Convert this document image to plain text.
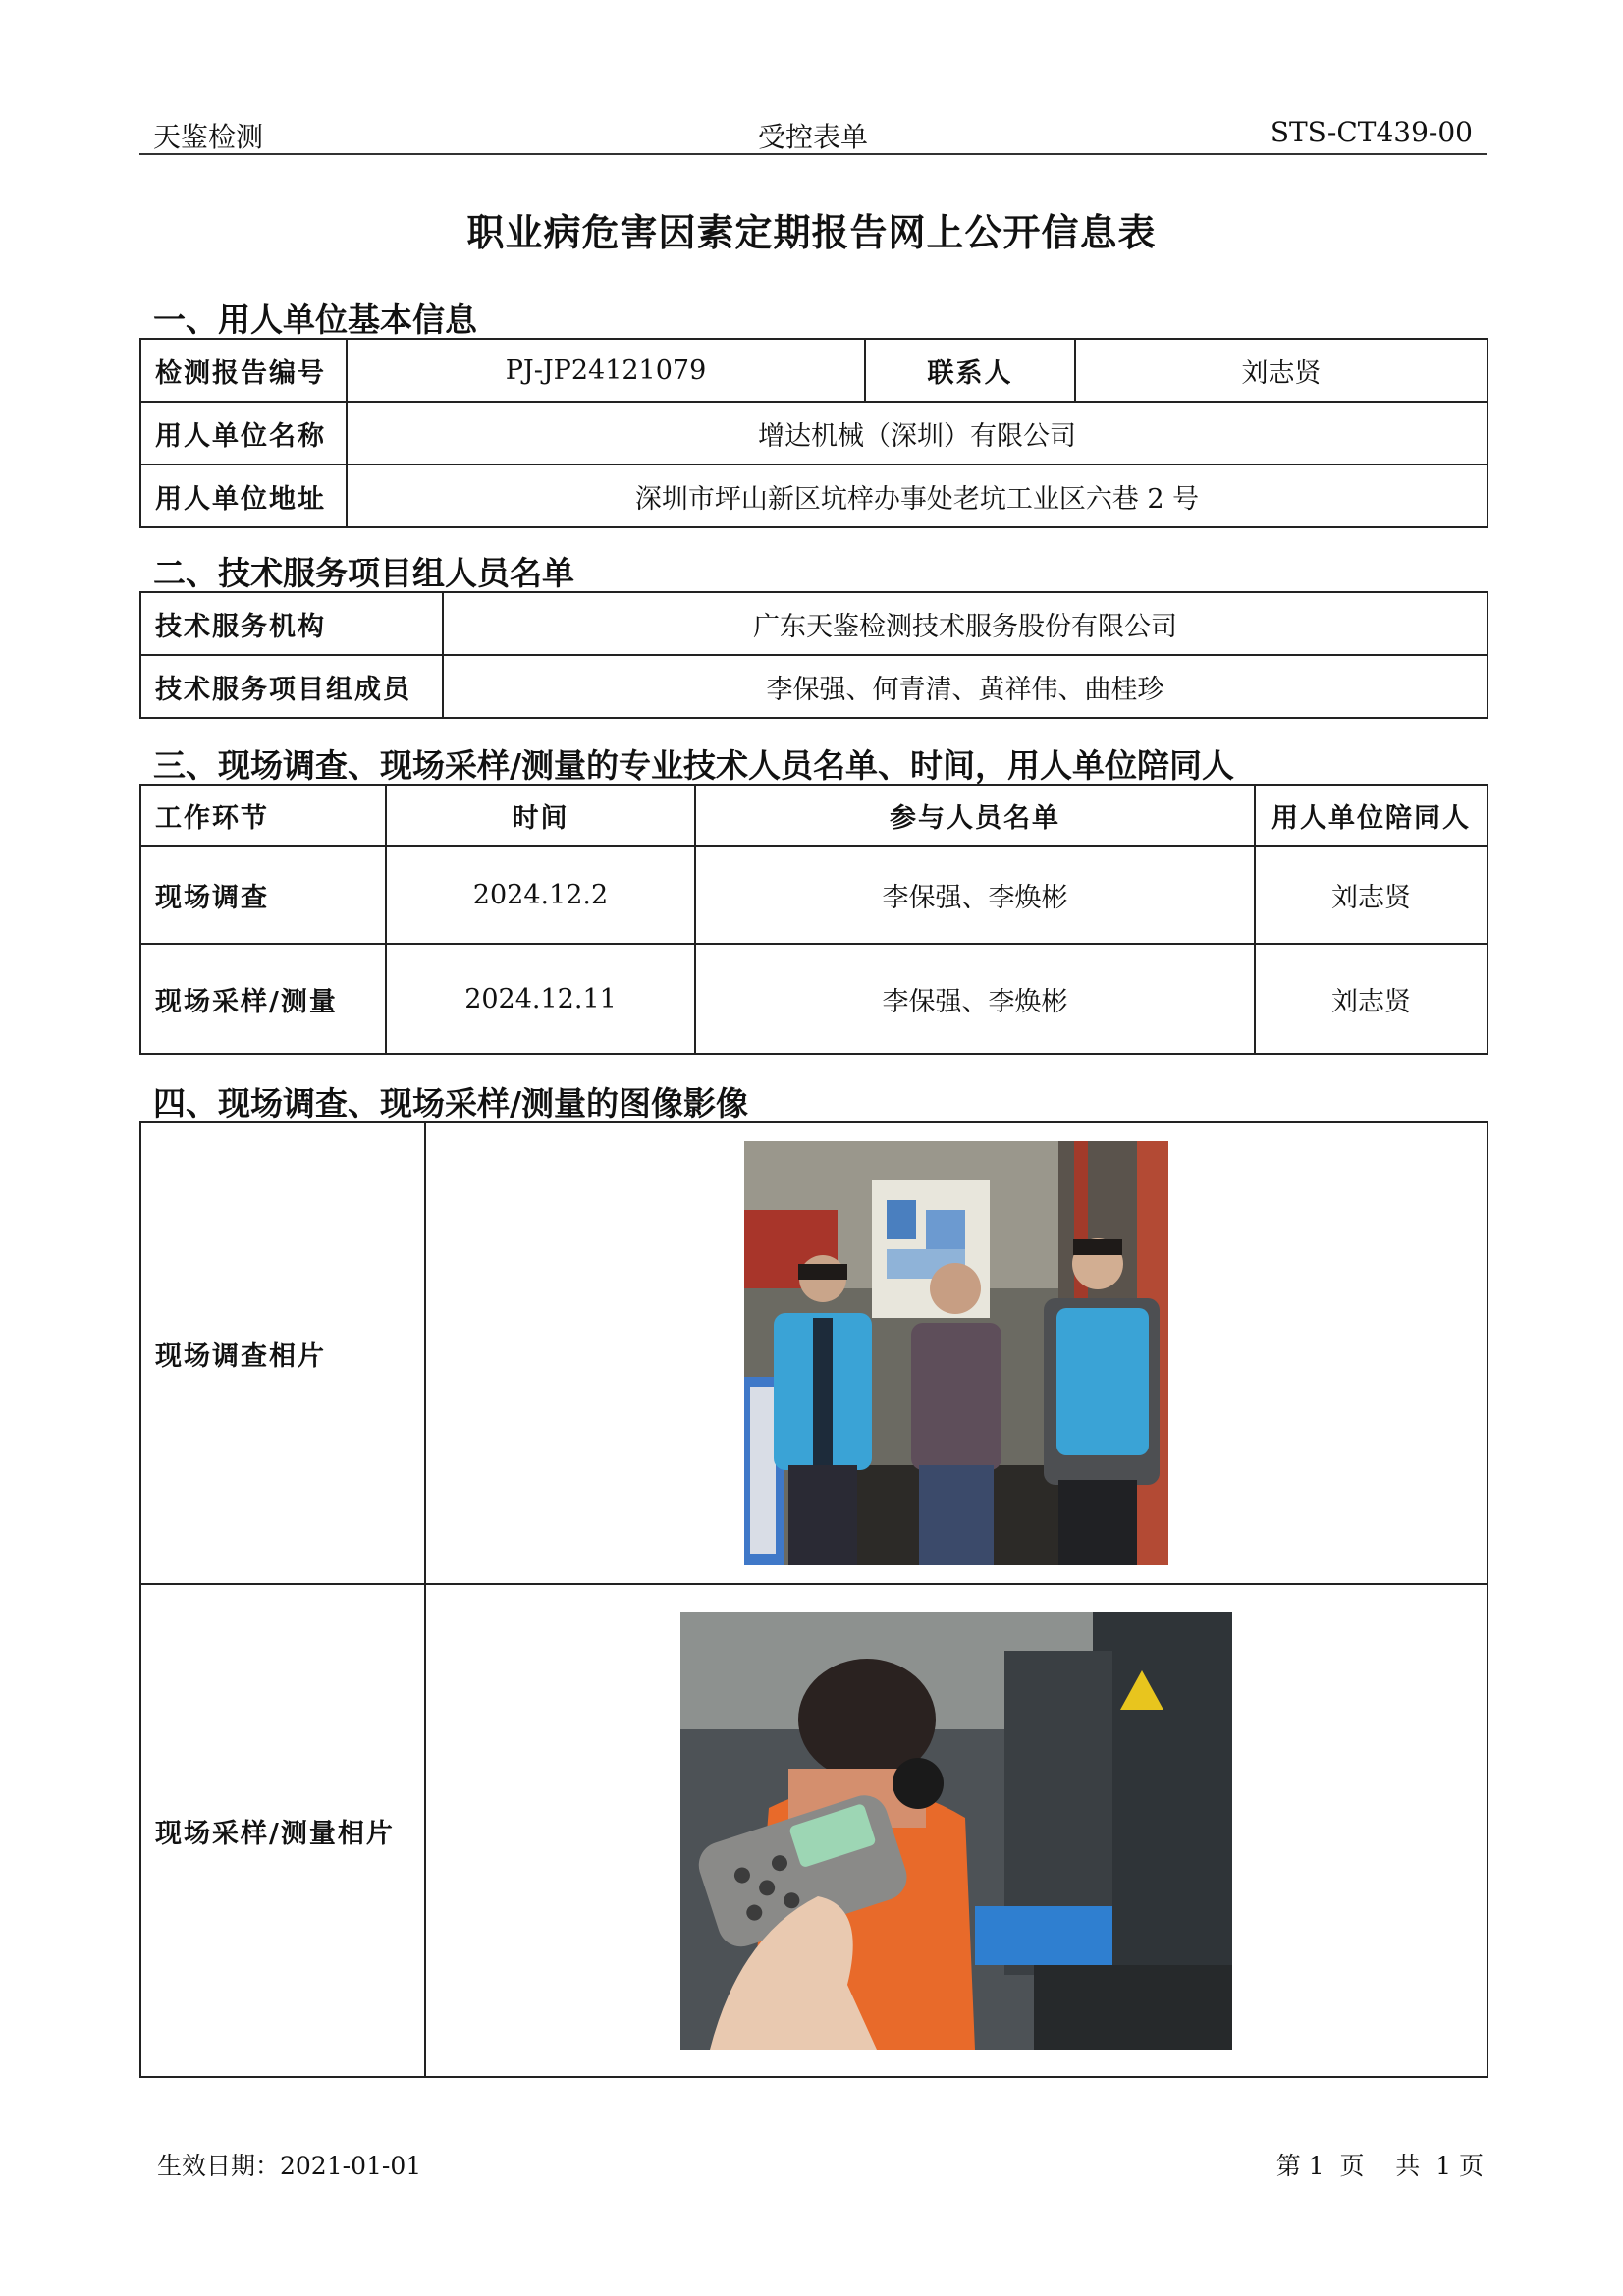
天鉴检测	受控表单	STS-CT439-00
职业病危害因素定期报告网上公开信息表
一、用人单位基本信息
检测报告编号	PJ-JP24121079	联系人	刘志贤
用人单位名称	增达机械（深圳）有限公司		
用人单位地址	深圳市坪山新区坑梓办事处老坑工业区六巷 2 号		
二、技术服务项目组人员名单
技术服务机构	广东天鉴检测技术服务股份有限公司
技术服务项目组成员	李保强、何青清、黄祥伟、曲桂珍
三、现场调查、现场采样/测量的专业技术人员名单、时间，用人单位陪同人
工作环节	时间	参与人员名单	用人单位陪同人
现场调查	2024.12.2	李保强、李焕彬	刘志贤
现场采样/测量	2024.12.11	李保强、李焕彬	刘志贤
四、现场调查、现场采样/测量的图像影像
现场调查相片	

现场采样/测量相片	
生效日期：2021-01-01	第 1  页    共  1 页
